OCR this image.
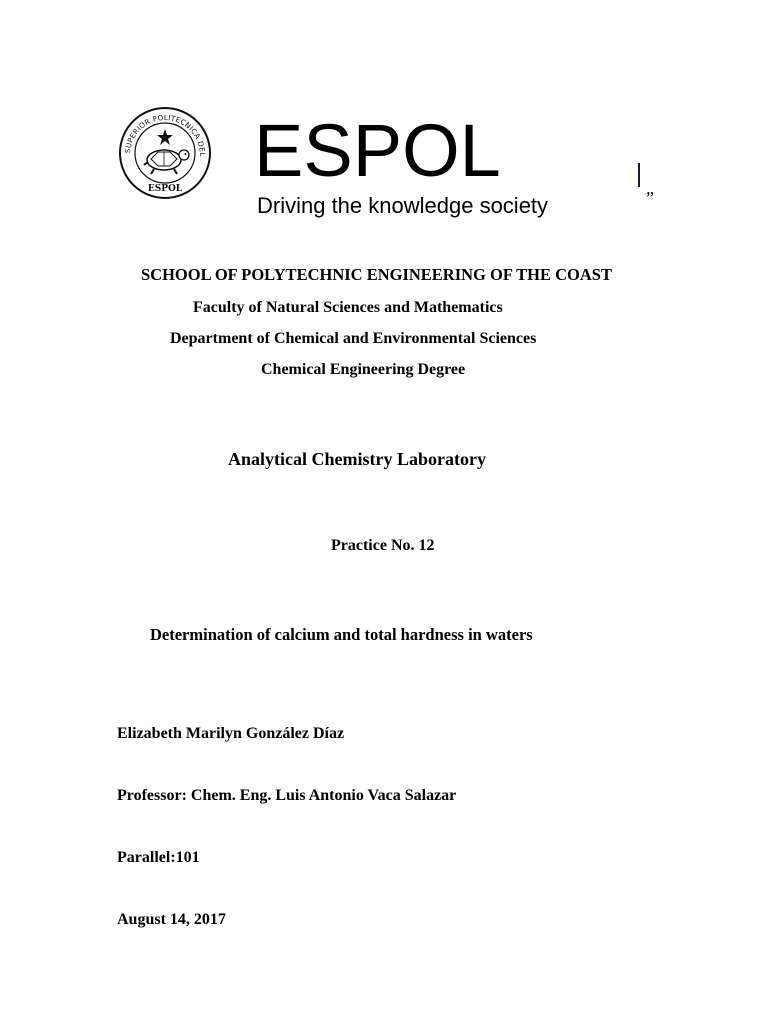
SUPERIOR POLITECNICA DEL
ESPOL ESPOL
”
Driving the knowledge society
SCHOOL OF POLYTECHNIC ENGINEERING OF THE COAST
Faculty of Natural Sciences and Mathematics
Department of Chemical and Environmental Sciences
Chemical Engineering Degree
Analytical Chemistry Laboratory
Practice No. 12
Determination of calcium and total hardness in waters
Elizabeth Marilyn González Díaz
Professor: Chem. Eng. Luis Antonio Vaca Salazar
Parallel:101
August 14, 2017
